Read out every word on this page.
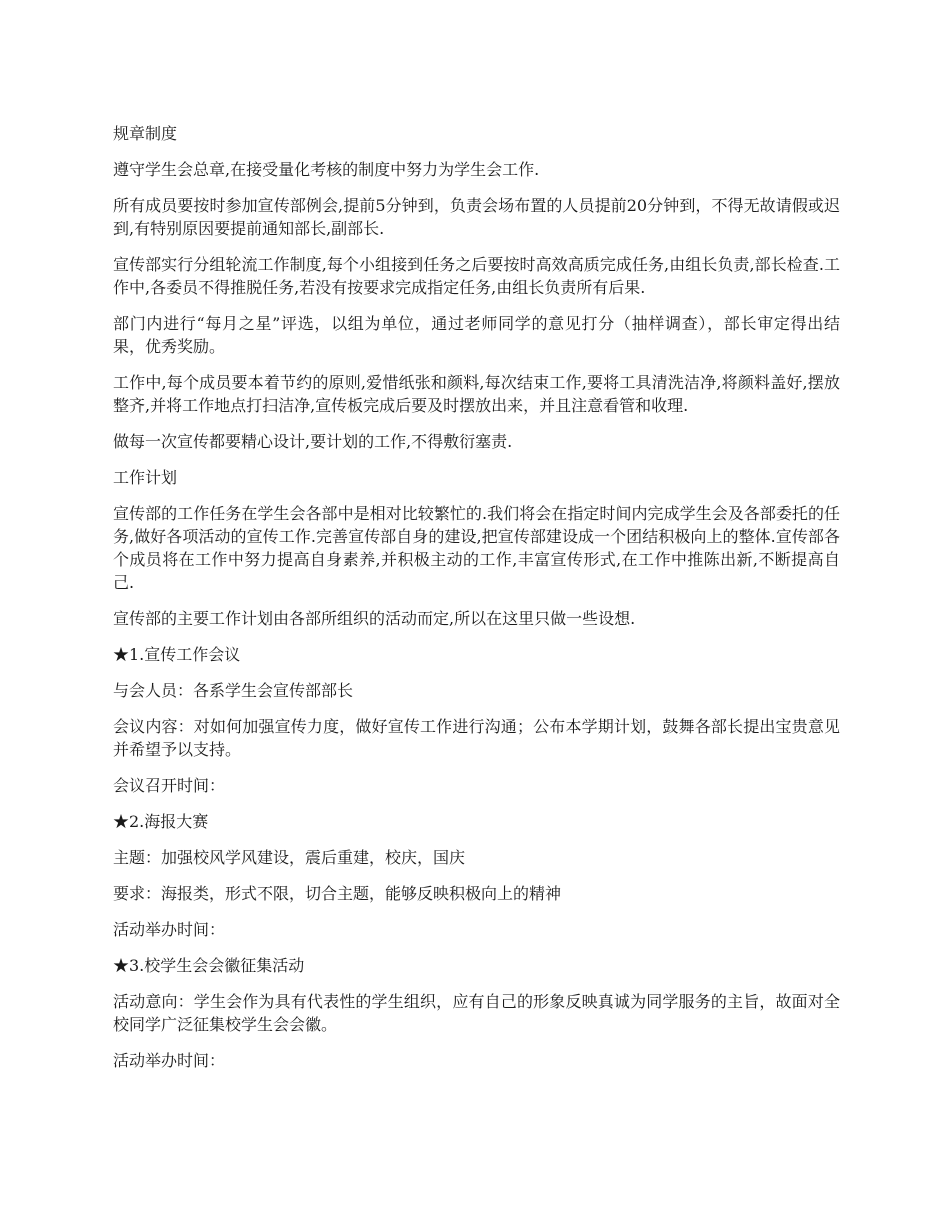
规章制度

遵守学生会总章,在接受量化考核的制度中努力为学生会工作.

所有成员要按时参加宣传部例会,提前5分钟到，负责会场布置的人员提前20分钟到，不得无故请假或迟到,有特别原因要提前通知部长,副部长.

宣传部实行分组轮流工作制度,每个小组接到任务之后要按时高效高质完成任务,由组长负责,部长检查.工作中,各委员不得推脱任务,若没有按要求完成指定任务,由组长负责所有后果.

部门内进行“每月之星”评选，以组为单位，通过老师同学的意见打分（抽样调查），部长审定得出结果，优秀奖励。

工作中,每个成员要本着节约的原则,爱惜纸张和颜料,每次结束工作,要将工具清洗洁净,将颜料盖好,摆放整齐,并将工作地点打扫洁净,宣传板完成后要及时摆放出来，并且注意看管和收理.

做每一次宣传都要精心设计,要计划的工作,不得敷衍塞责.

工作计划

宣传部的工作任务在学生会各部中是相对比较繁忙的.我们将会在指定时间内完成学生会及各部委托的任务,做好各项活动的宣传工作.完善宣传部自身的建设,把宣传部建设成一个团结积极向上的整体.宣传部各个成员将在工作中努力提高自身素养,并积极主动的工作,丰富宣传形式,在工作中推陈出新,不断提高自己.

宣传部的主要工作计划由各部所组织的活动而定,所以在这里只做一些设想.

★1.宣传工作会议

与会人员：各系学生会宣传部部长

会议内容：对如何加强宣传力度，做好宣传工作进行沟通；公布本学期计划，鼓舞各部长提出宝贵意见并希望予以支持。

会议召开时间：

★2.海报大赛

主题：加强校风学风建设，震后重建，校庆，国庆

要求：海报类，形式不限，切合主题，能够反映积极向上的精神

活动举办时间：

★3.校学生会会徽征集活动

活动意向：学生会作为具有代表性的学生组织，应有自己的形象反映真诚为同学服务的主旨，故面对全校同学广泛征集校学生会会徽。

活动举办时间：
